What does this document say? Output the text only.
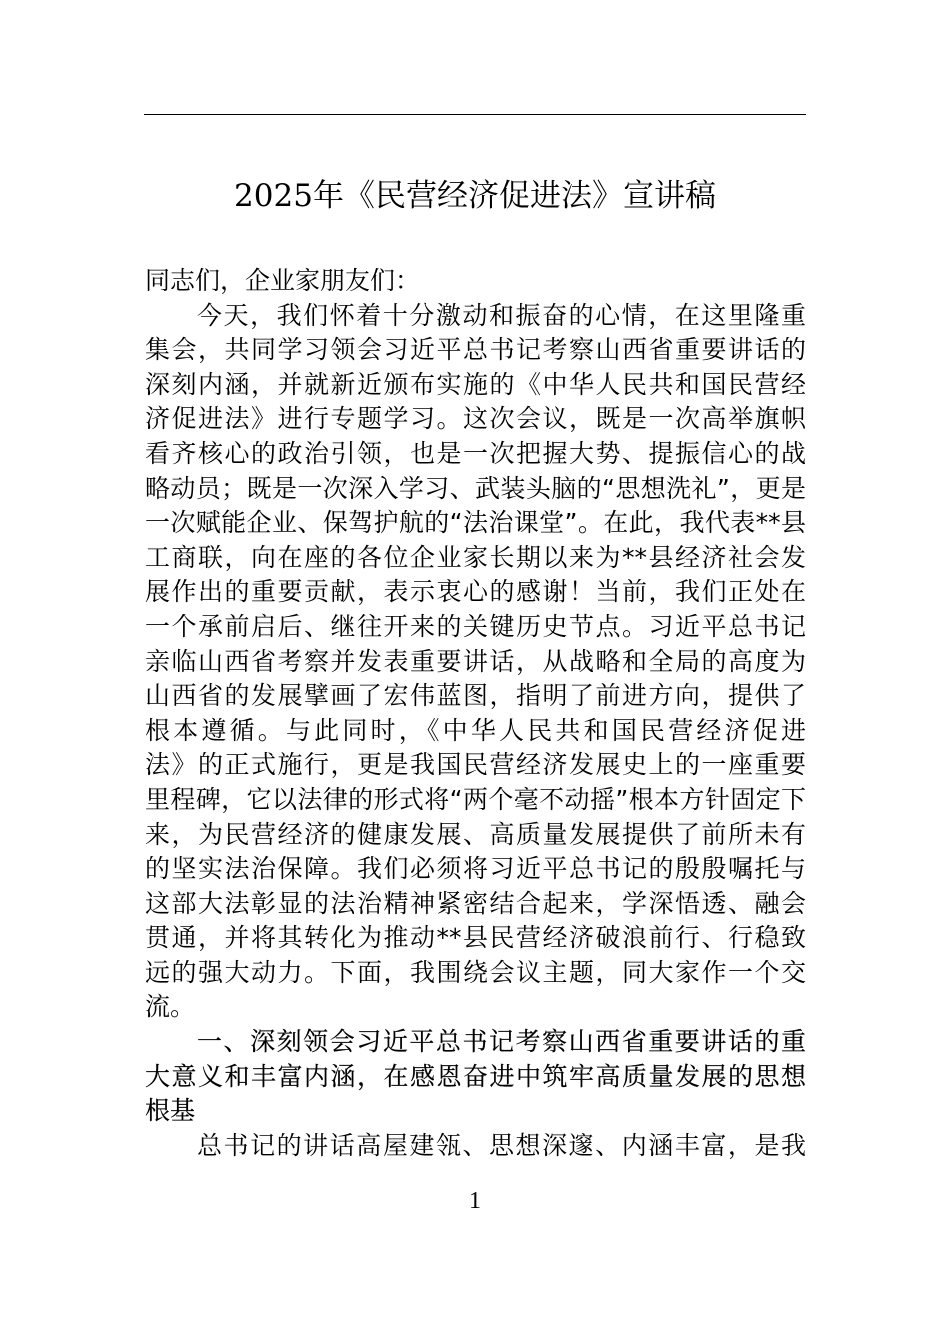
2025年《民营经济促进法》宣讲稿
同志们，企业家朋友们：
今天，我们怀着十分激动和振奋的心情，在这里隆重
集会，共同学习领会习近平总书记考察山西省重要讲话的
深刻内涵，并就新近颁布实施的《中华人民共和国民营经
济促进法》进行专题学习。这次会议，既是一次高举旗帜
看齐核心的政治引领，也是一次把握大势、提振信心的战
略动员；既是一次深入学习、武装头脑的“思想洗礼”，更是
一次赋能企业、保驾护航的“法治课堂”。在此，我代表**县
工商联，向在座的各位企业家长期以来为**县经济社会发
展作出的重要贡献，表示衷心的感谢！当前，我们正处在
一个承前启后、继往开来的关键历史节点。习近平总书记
亲临山西省考察并发表重要讲话，从战略和全局的高度为
山西省的发展擘画了宏伟蓝图，指明了前进方向，提供了
根本遵循。与此同时，《中华人民共和国民营经济促进
法》的正式施行，更是我国民营经济发展史上的一座重要
里程碑，它以法律的形式将“两个毫不动摇”根本方针固定下
来，为民营经济的健康发展、高质量发展提供了前所未有
的坚实法治保障。我们必须将习近平总书记的殷殷嘱托与
这部大法彰显的法治精神紧密结合起来，学深悟透、融会
贯通，并将其转化为推动**县民营经济破浪前行、行稳致
远的强大动力。下面，我围绕会议主题，同大家作一个交
流。
一、深刻领会习近平总书记考察山西省重要讲话的重
大意义和丰富内涵，在感恩奋进中筑牢高质量发展的思想
根基
总书记的讲话高屋建瓴、思想深邃、内涵丰富，是我
1
